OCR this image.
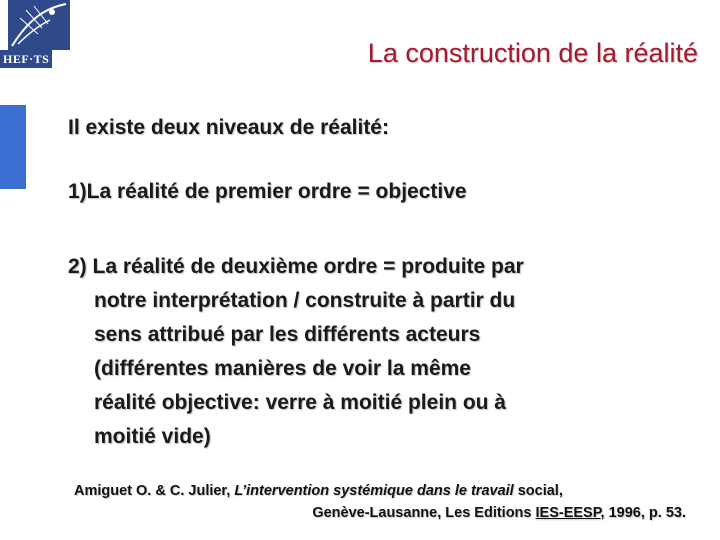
HEF·TS	La construction de la réalité

Il existe deux niveaux de réalité:

1)La réalité de premier ordre = objective

2) La réalité de deuxième ordre = produite par
notre interprétation / construite à partir du
sens attribué par les différents acteurs
(différentes manières de voir la même
réalité objective: verre à moitié plein ou à
moitié vide)

Amiguet O. & C. Julier, L’intervention systémique dans le travail social,
Genève-Lausanne, Les Editions IES-EESP, 1996, p. 53.
